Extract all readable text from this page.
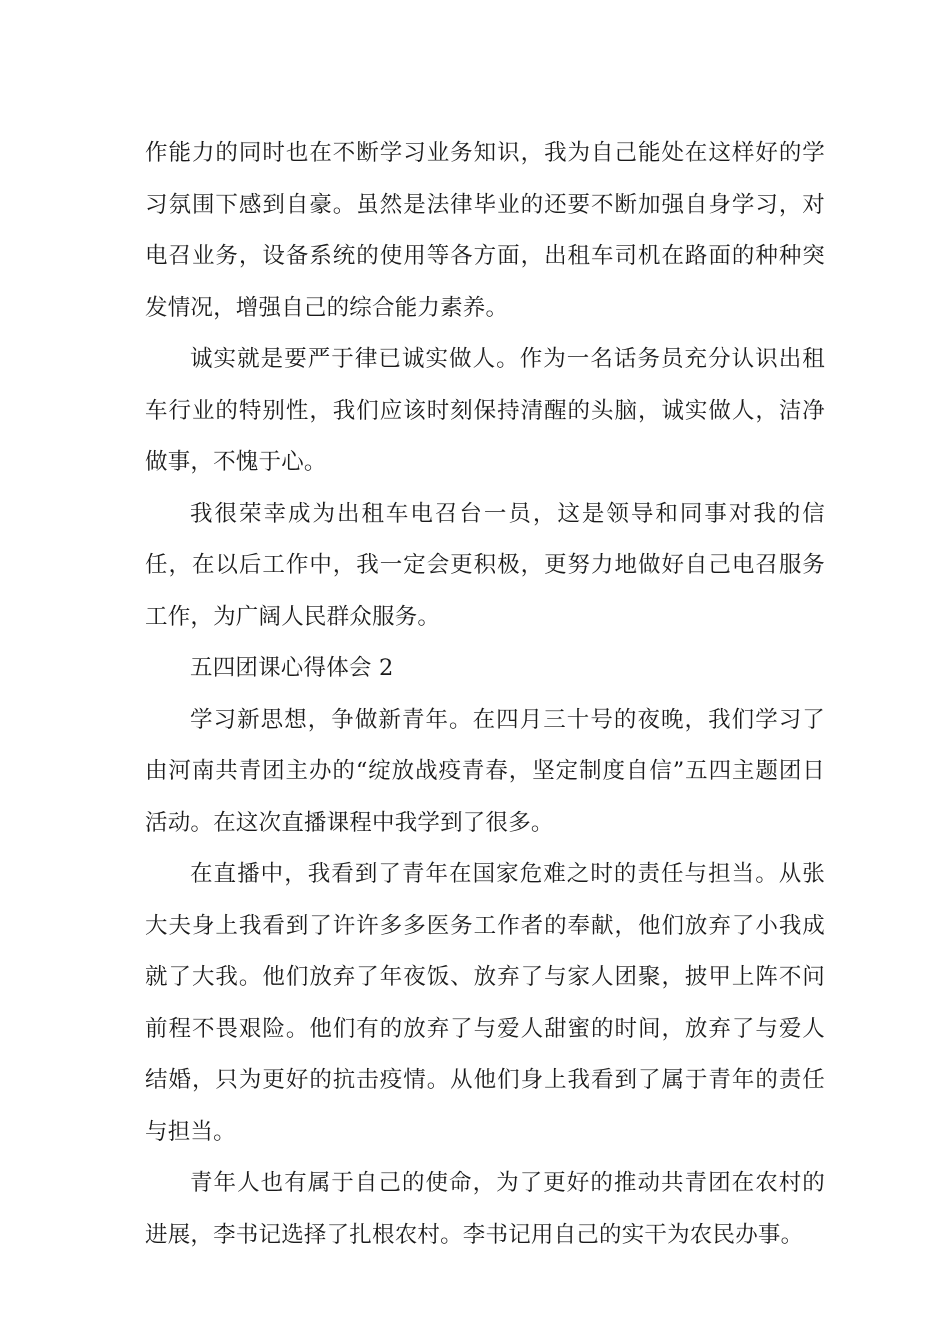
作能力的同时也在不断学习业务知识，我为自己能处在这样好的学习氛围下感到自豪。虽然是法律毕业的还要不断加强自身学习，对电召业务，设备系统的使用等各方面，出租车司机在路面的种种突发情况，增强自己的综合能力素养。

诚实就是要严于律已诚实做人。作为一名话务员充分认识出租车行业的特别性，我们应该时刻保持清醒的头脑，诚实做人，洁净做事，不愧于心。

我很荣幸成为出租车电召台一员，这是领导和同事对我的信任，在以后工作中，我一定会更积极，更努力地做好自己电召服务工作，为广阔人民群众服务。

五四团课心得体会 2

学习新思想，争做新青年。在四月三十号的夜晚，我们学习了由河南共青团主办的“绽放战疫青春，坚定制度自信”五四主题团日活动。在这次直播课程中我学到了很多。

在直播中，我看到了青年在国家危难之时的责任与担当。从张大夫身上我看到了许许多多医务工作者的奉献，他们放弃了小我成就了大我。他们放弃了年夜饭、放弃了与家人团聚，披甲上阵不问前程不畏艰险。他们有的放弃了与爱人甜蜜的时间，放弃了与爱人结婚，只为更好的抗击疫情。从他们身上我看到了属于青年的责任与担当。

青年人也有属于自己的使命，为了更好的推动共青团在农村的进展，李书记选择了扎根农村。李书记用自己的实干为农民办事。
